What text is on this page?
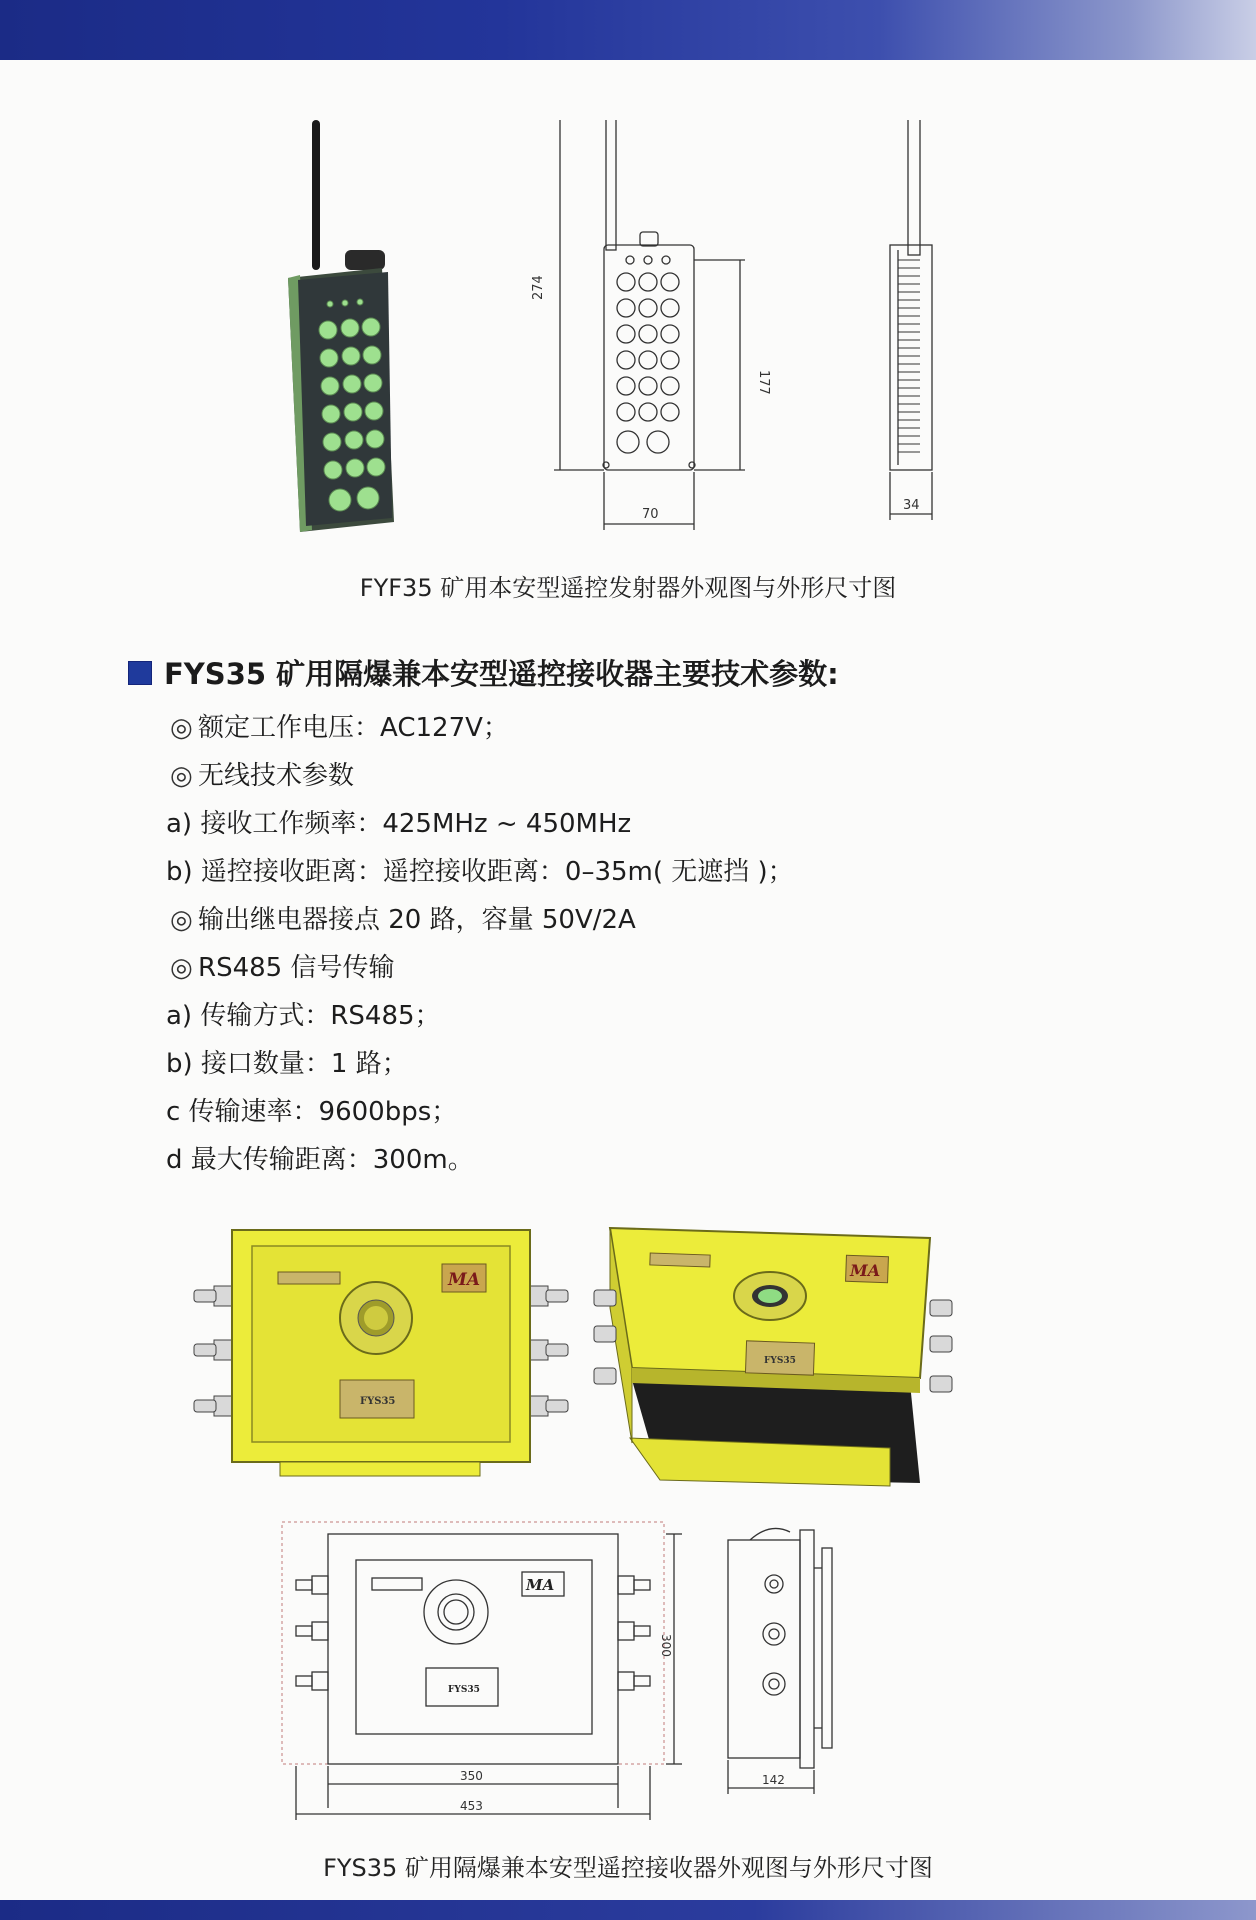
274
177
70
34
FYF35 矿用本安型遥控发射器外观图与外形尺寸图
FYS35 矿用隔爆兼本安型遥控接收器主要技术参数:
◎ 额定工作电压：AC127V；
◎ 无线技术参数
a) 接收工作频率：425MHz ~ 450MHz
b) 遥控接收距离：遥控接收距离：0–35m( 无遮挡 )；
◎ 输出继电器接点 20 路，容量 50V/2A
◎ RS485 信号传输
a) 传输方式：RS485；
b) 接口数量：1 路；
c 传输速率：9600bps；
d 最大传输距离：300m。
MA
FYS35
MA
FYS35
MA
FYS35
300
350
453
142
FYS35 矿用隔爆兼本安型遥控接收器外观图与外形尺寸图
